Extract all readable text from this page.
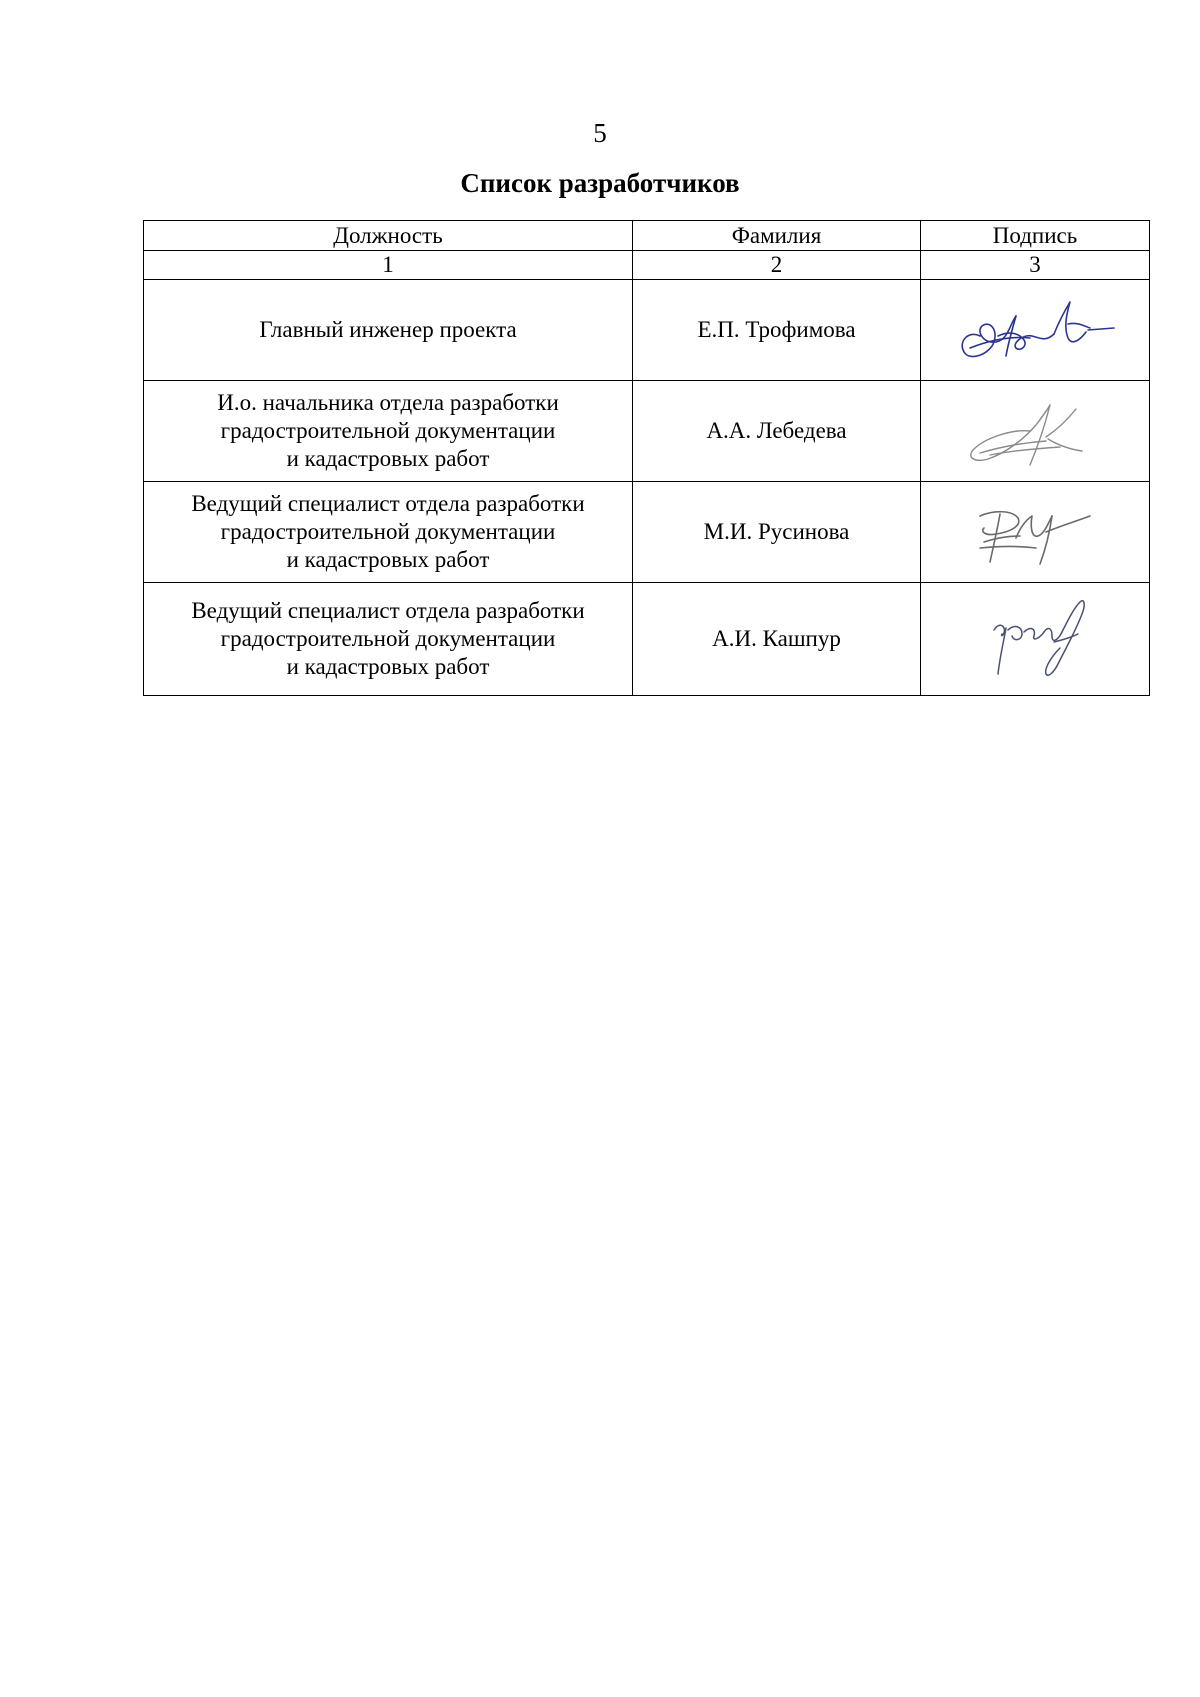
5
Список разработчиков
Должность	Фамилия	Подпись
1	2	3

Главный инженер проекта	Е.П. Трофимова	

И.о. начальника отдела разработки
градостроительной документации
и кадастровых работ	А.А. Лебедева	

Ведущий специалист отдела разработки
градостроительной документации
и кадастровых работ	М.И. Русинова	

Ведущий специалист отдела разработки
градостроительной документации
и кадастровых работ	А.И. Кашпур	
